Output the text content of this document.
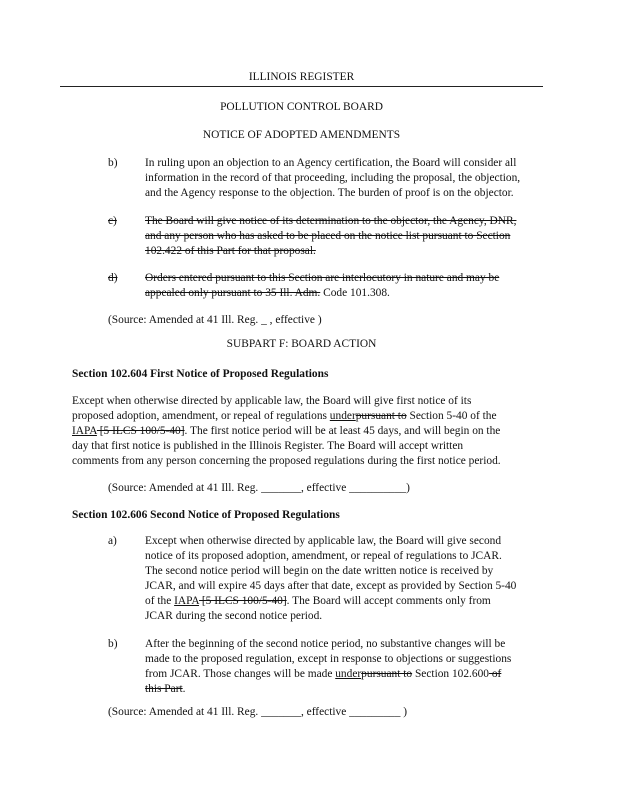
ILLINOIS REGISTER
POLLUTION CONTROL BOARD
NOTICE OF ADOPTED AMENDMENTS
b) In ruling upon an objection to an Agency certification, the Board will consider all
information in the record of that proceeding, including the proposal, the objection,
and the Agency response to the objection. The burden of proof is on the objector.
c) The Board will give notice of its determination to the objector, the Agency, DNR,
and any person who has asked to be placed on the notice list pursuant to Section
102.422 of this Part for that proposal.
d) Orders entered pursuant to this Section are interlocutory in nature and may be
appealed only pursuant to 35 Ill. Adm. Code 101.308.
(Source: Amended at 41 Ill. Reg. _ , effective )
SUBPART F: BOARD ACTION
Section 102.604 First Notice of Proposed Regulations
Except when otherwise directed by applicable law, the Board will give first notice of its
proposed adoption, amendment, or repeal of regulations underpursuant to Section 5-40 of the
IAPA [5 ILCS 100/5-40]. The first notice period will be at least 45 days, and will begin on the
day that first notice is published in the Illinois Register. The Board will accept written
comments from any person concerning the proposed regulations during the first notice period.
(Source: Amended at 41 Ill. Reg. _______, effective __________)
Section 102.606 Second Notice of Proposed Regulations
a) Except when otherwise directed by applicable law, the Board will give second
notice of its proposed adoption, amendment, or repeal of regulations to JCAR.
The second notice period will begin on the date written notice is received by
JCAR, and will expire 45 days after that date, except as provided by Section 5-40
of the IAPA [5 ILCS 100/5-40]. The Board will accept comments only from
JCAR during the second notice period.
b) After the beginning of the second notice period, no substantive changes will be
made to the proposed regulation, except in response to objections or suggestions
from JCAR. Those changes will be made underpursuant to Section 102.600 of
this Part.
(Source: Amended at 41 Ill. Reg. _______, effective _________ )
